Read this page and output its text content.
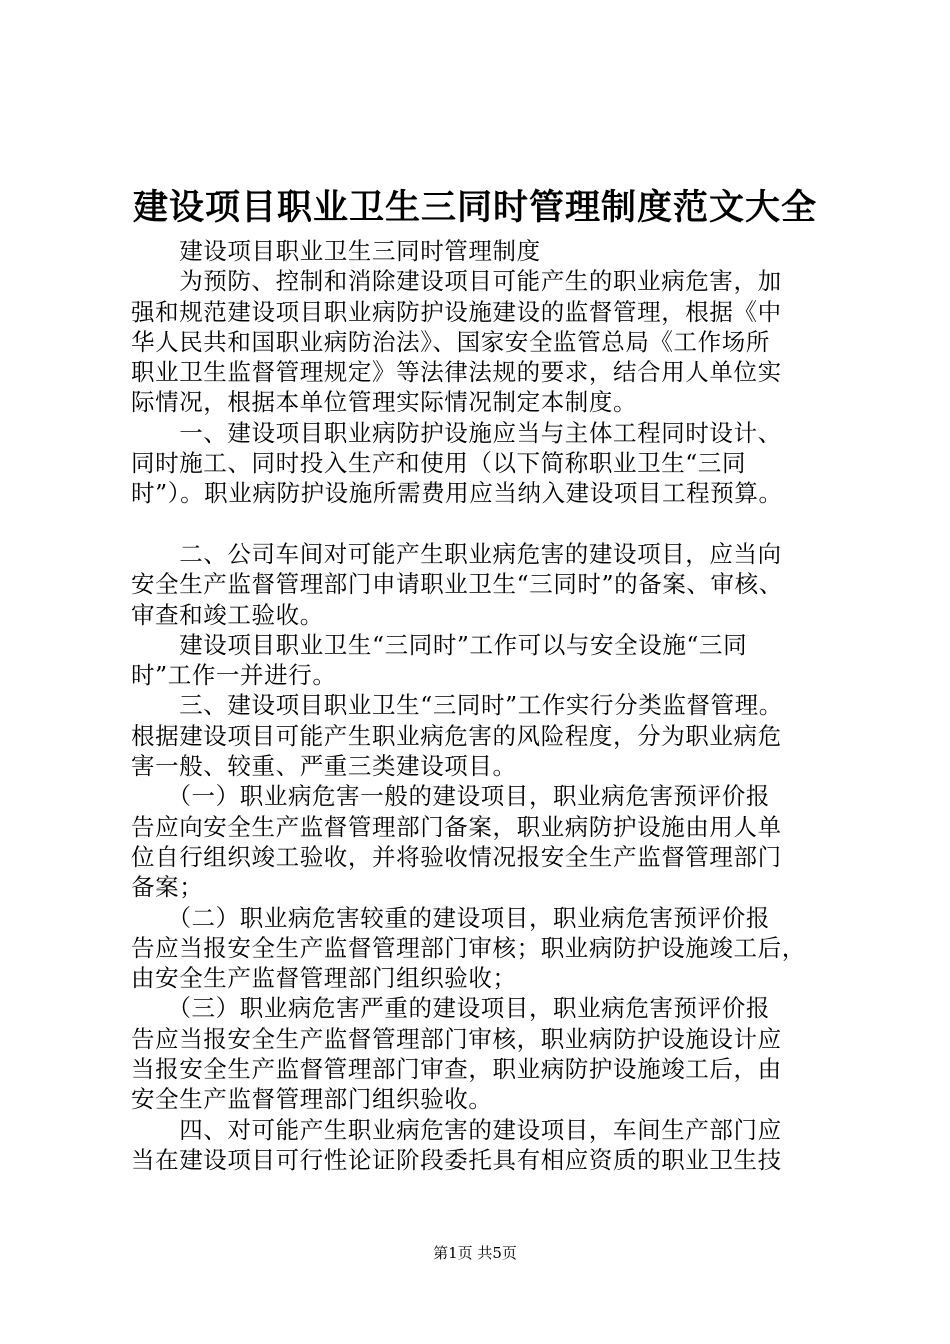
建设项目职业卫生三同时管理制度范文大全
　　建设项目职业卫生三同时管理制度
　　为预防、控制和消除建设项目可能产生的职业病危害，加
强和规范建设项目职业病防护设施建设的监督管理，根据《中
华人民共和国职业病防治法》、国家安全监管总局《工作场所
职业卫生监督管理规定》等法律法规的要求，结合用人单位实
际情况，根据本单位管理实际情况制定本制度。
　　一、建设项目职业病防护设施应当与主体工程同时设计、
同时施工、同时投入生产和使用（以下简称职业卫生“三同
时”）。职业病防护设施所需费用应当纳入建设项目工程预算。
　　二、公司车间对可能产生职业病危害的建设项目，应当向
安全生产监督管理部门申请职业卫生“三同时”的备案、审核、
审查和竣工验收。
　　建设项目职业卫生“三同时”工作可以与安全设施“三同
时”工作一并进行。
　　三、建设项目职业卫生“三同时”工作实行分类监督管理。
根据建设项目可能产生职业病危害的风险程度，分为职业病危
害一般、较重、严重三类建设项目。
　　（一）职业病危害一般的建设项目，职业病危害预评价报
告应向安全生产监督管理部门备案，职业病防护设施由用人单
位自行组织竣工验收，并将验收情况报安全生产监督管理部门
备案；
　　（二）职业病危害较重的建设项目，职业病危害预评价报
告应当报安全生产监督管理部门审核；职业病防护设施竣工后，
由安全生产监督管理部门组织验收；
　　（三）职业病危害严重的建设项目，职业病危害预评价报
告应当报安全生产监督管理部门审核，职业病防护设施设计应
当报安全生产监督管理部门审查，职业病防护设施竣工后，由
安全生产监督管理部门组织验收。
　　四、对可能产生职业病危害的建设项目，车间生产部门应
当在建设项目可行性论证阶段委托具有相应资质的职业卫生技
第1页 共5页
